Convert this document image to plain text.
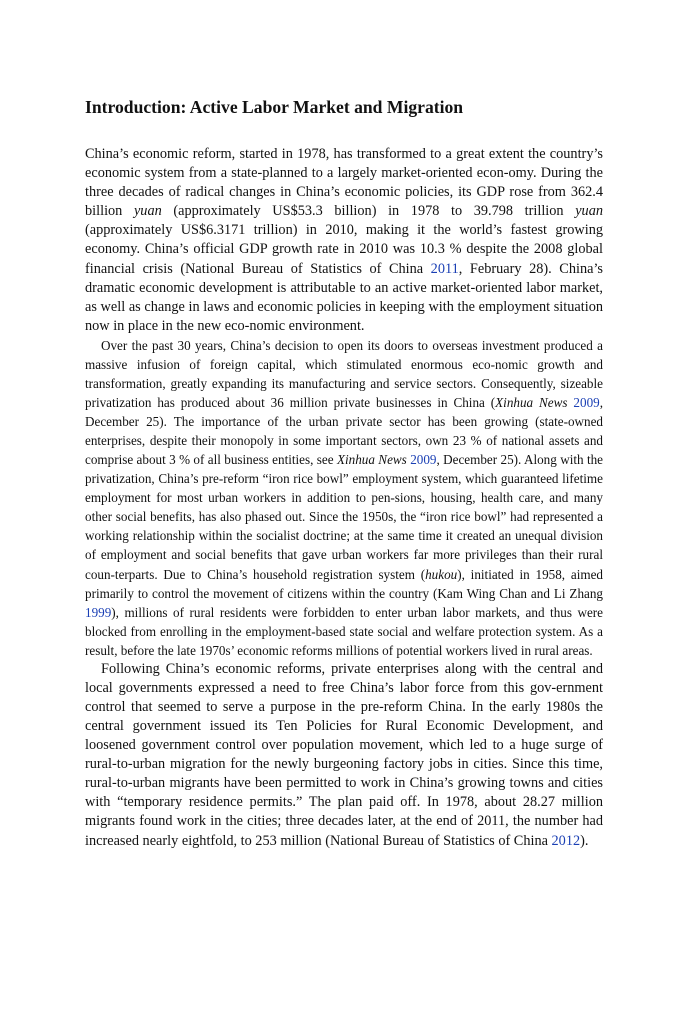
Introduction: Active Labor Market and Migration

China’s economic reform, started in 1978, has transformed to a great extent the country’s economic system from a state-planned to a largely market-oriented econ-omy. During the three decades of radical changes in China’s economic policies, its GDP rose from 362.4 billion yuan (approximately US$53.3 billion) in 1978 to 39.798 trillion yuan (approximately US$6.3171 trillion) in 2010, making it the world’s fastest growing economy. China’s official GDP growth rate in 2010 was 10.3 % despite the 2008 global financial crisis (National Bureau of Statistics of China 2011, February 28). China’s dramatic economic development is attributable to an active market-oriented labor market, as well as change in laws and economic policies in keeping with the employment situation now in place in the new eco-nomic environment.

Over the past 30 years, China’s decision to open its doors to overseas investment produced a massive infusion of foreign capital, which stimulated enormous eco-nomic growth and transformation, greatly expanding its manufacturing and service sectors. Consequently, sizeable privatization has produced about 36 million private businesses in China (Xinhua News 2009, December 25). The importance of the urban private sector has been growing (state-owned enterprises, despite their monopoly in some important sectors, own 23 % of national assets and comprise about 3 % of all business entities, see Xinhua News 2009, December 25). Along with the privatization, China’s pre-reform “iron rice bowl” employment system, which guaranteed lifetime employment for most urban workers in addition to pen-sions, housing, health care, and many other social benefits, has also phased out. Since the 1950s, the “iron rice bowl” had represented a working relationship within the socialist doctrine; at the same time it created an unequal division of employment and social benefits that gave urban workers far more privileges than their rural coun-terparts. Due to China’s household registration system (hukou), initiated in 1958, aimed primarily to control the movement of citizens within the country (Kam Wing Chan and Li Zhang 1999), millions of rural residents were forbidden to enter urban labor markets, and thus were blocked from enrolling in the employment-based state social and welfare protection system. As a result, before the late 1970s’ economic reforms millions of potential workers lived in rural areas.

Following China’s economic reforms, private enterprises along with the central and local governments expressed a need to free China’s labor force from this gov-ernment control that seemed to serve a purpose in the pre-reform China. In the early 1980s the central government issued its Ten Policies for Rural Economic Development, and loosened government control over population movement, which led to a huge surge of rural-to-urban migration for the newly burgeoning factory jobs in cities. Since this time, rural-to-urban migrants have been permitted to work in China’s growing towns and cities with “temporary residence permits.” The plan paid off. In 1978, about 28.27 million migrants found work in the cities; three decades later, at the end of 2011, the number had increased nearly eightfold, to 253 million (National Bureau of Statistics of China 2012).
